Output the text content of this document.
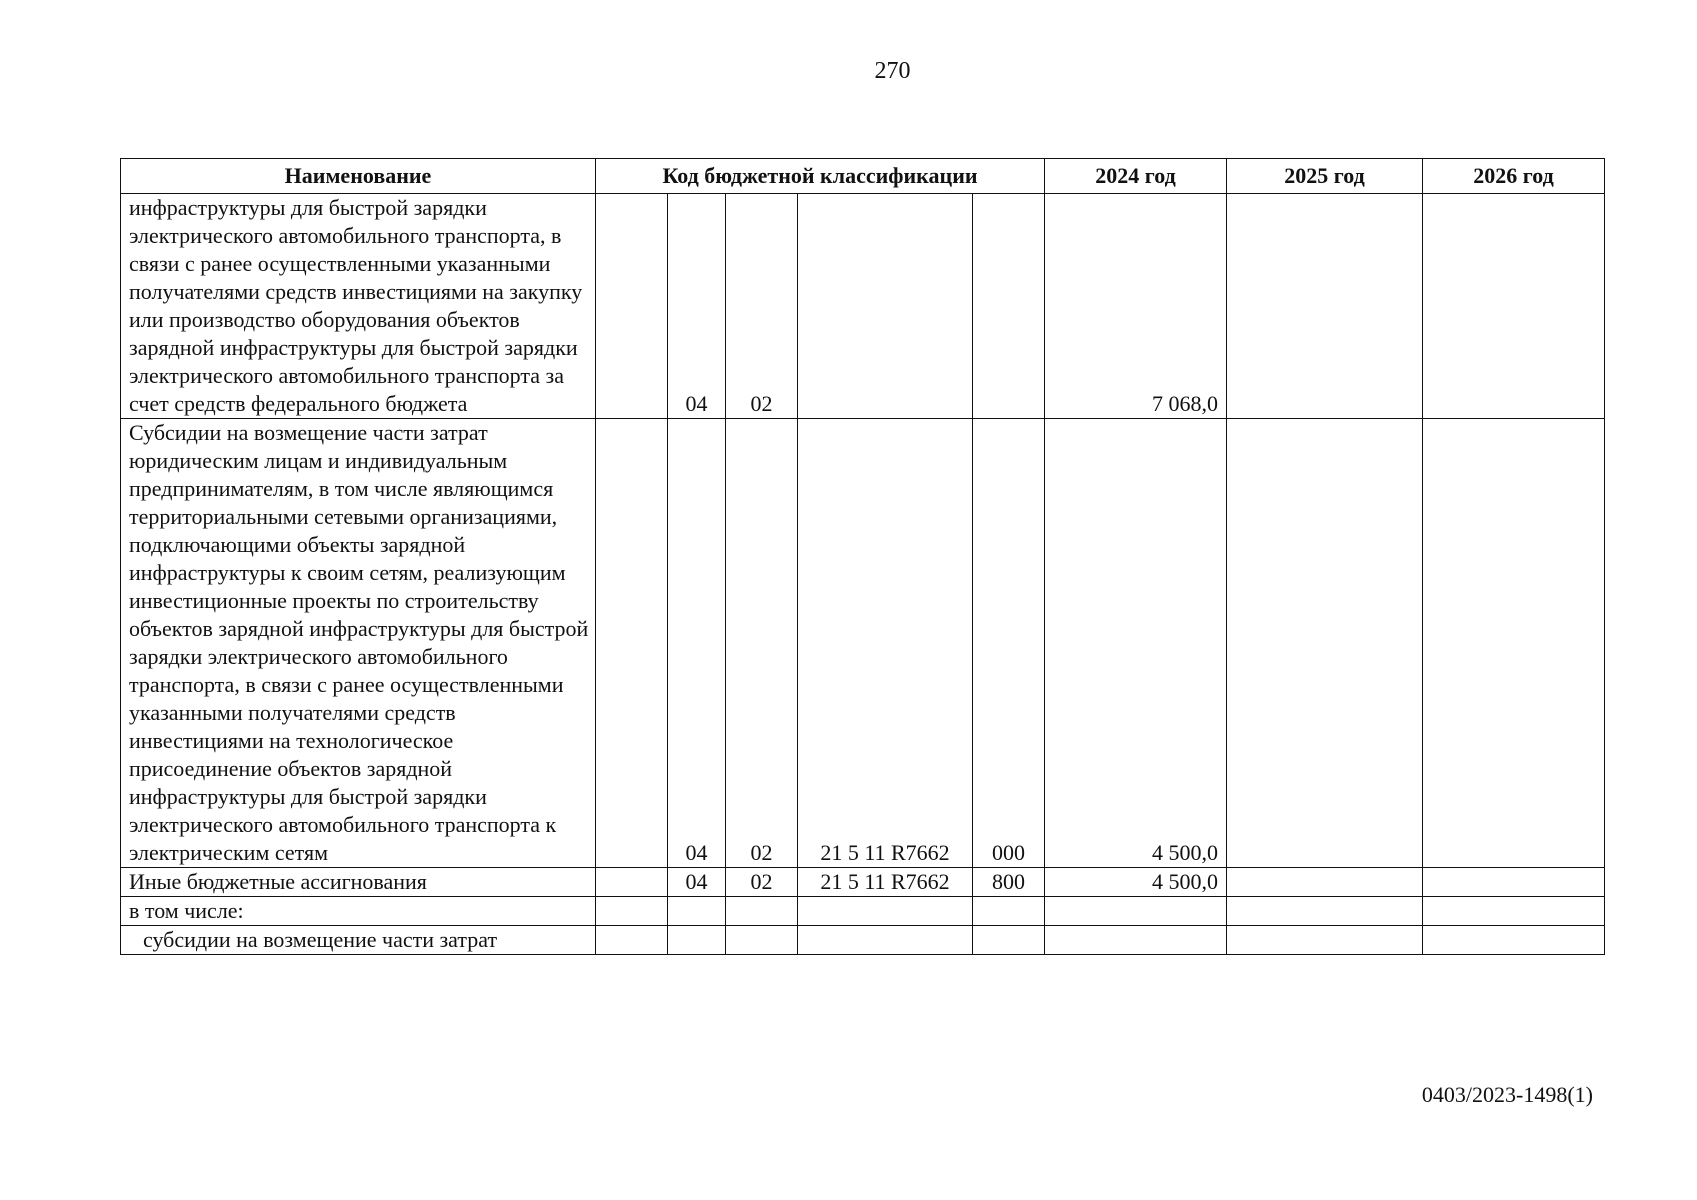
270
Наименование	Код бюджетной классификации					2024 год	2025 год	2026 год
инфраструктуры для быстрой зарядки электрического автомобильного транспорта, в связи с ранее осуществленными указанными получателями средств инвестициями на закупку или производство оборудования объектов зарядной инфраструктуры для быстрой зарядки электрического автомобильного транспорта за счет средств федерального бюджета		04	02			7 068,0		
Субсидии на возмещение части затрат юридическим лицам и индивидуальным предпринимателям, в том числе являющимся территориальными сетевыми организациями, подключающими объекты зарядной инфраструктуры к своим сетям, реализующим инвестиционные проекты по строительству объектов зарядной инфраструктуры для быстрой зарядки электрического автомобильного транспорта, в связи с ранее осуществленными указанными получателями средств инвестициями на технологическое присоединение объектов зарядной инфраструктуры для быстрой зарядки электрического автомобильного транспорта к электрическим сетям		04	02	21 5 11 R7662	000	4 500,0		
Иные бюджетные ассигнования		04	02	21 5 11 R7662	800	4 500,0		
в том числе:								
субсидии на возмещение части затрат								
0403/2023-1498(1)
